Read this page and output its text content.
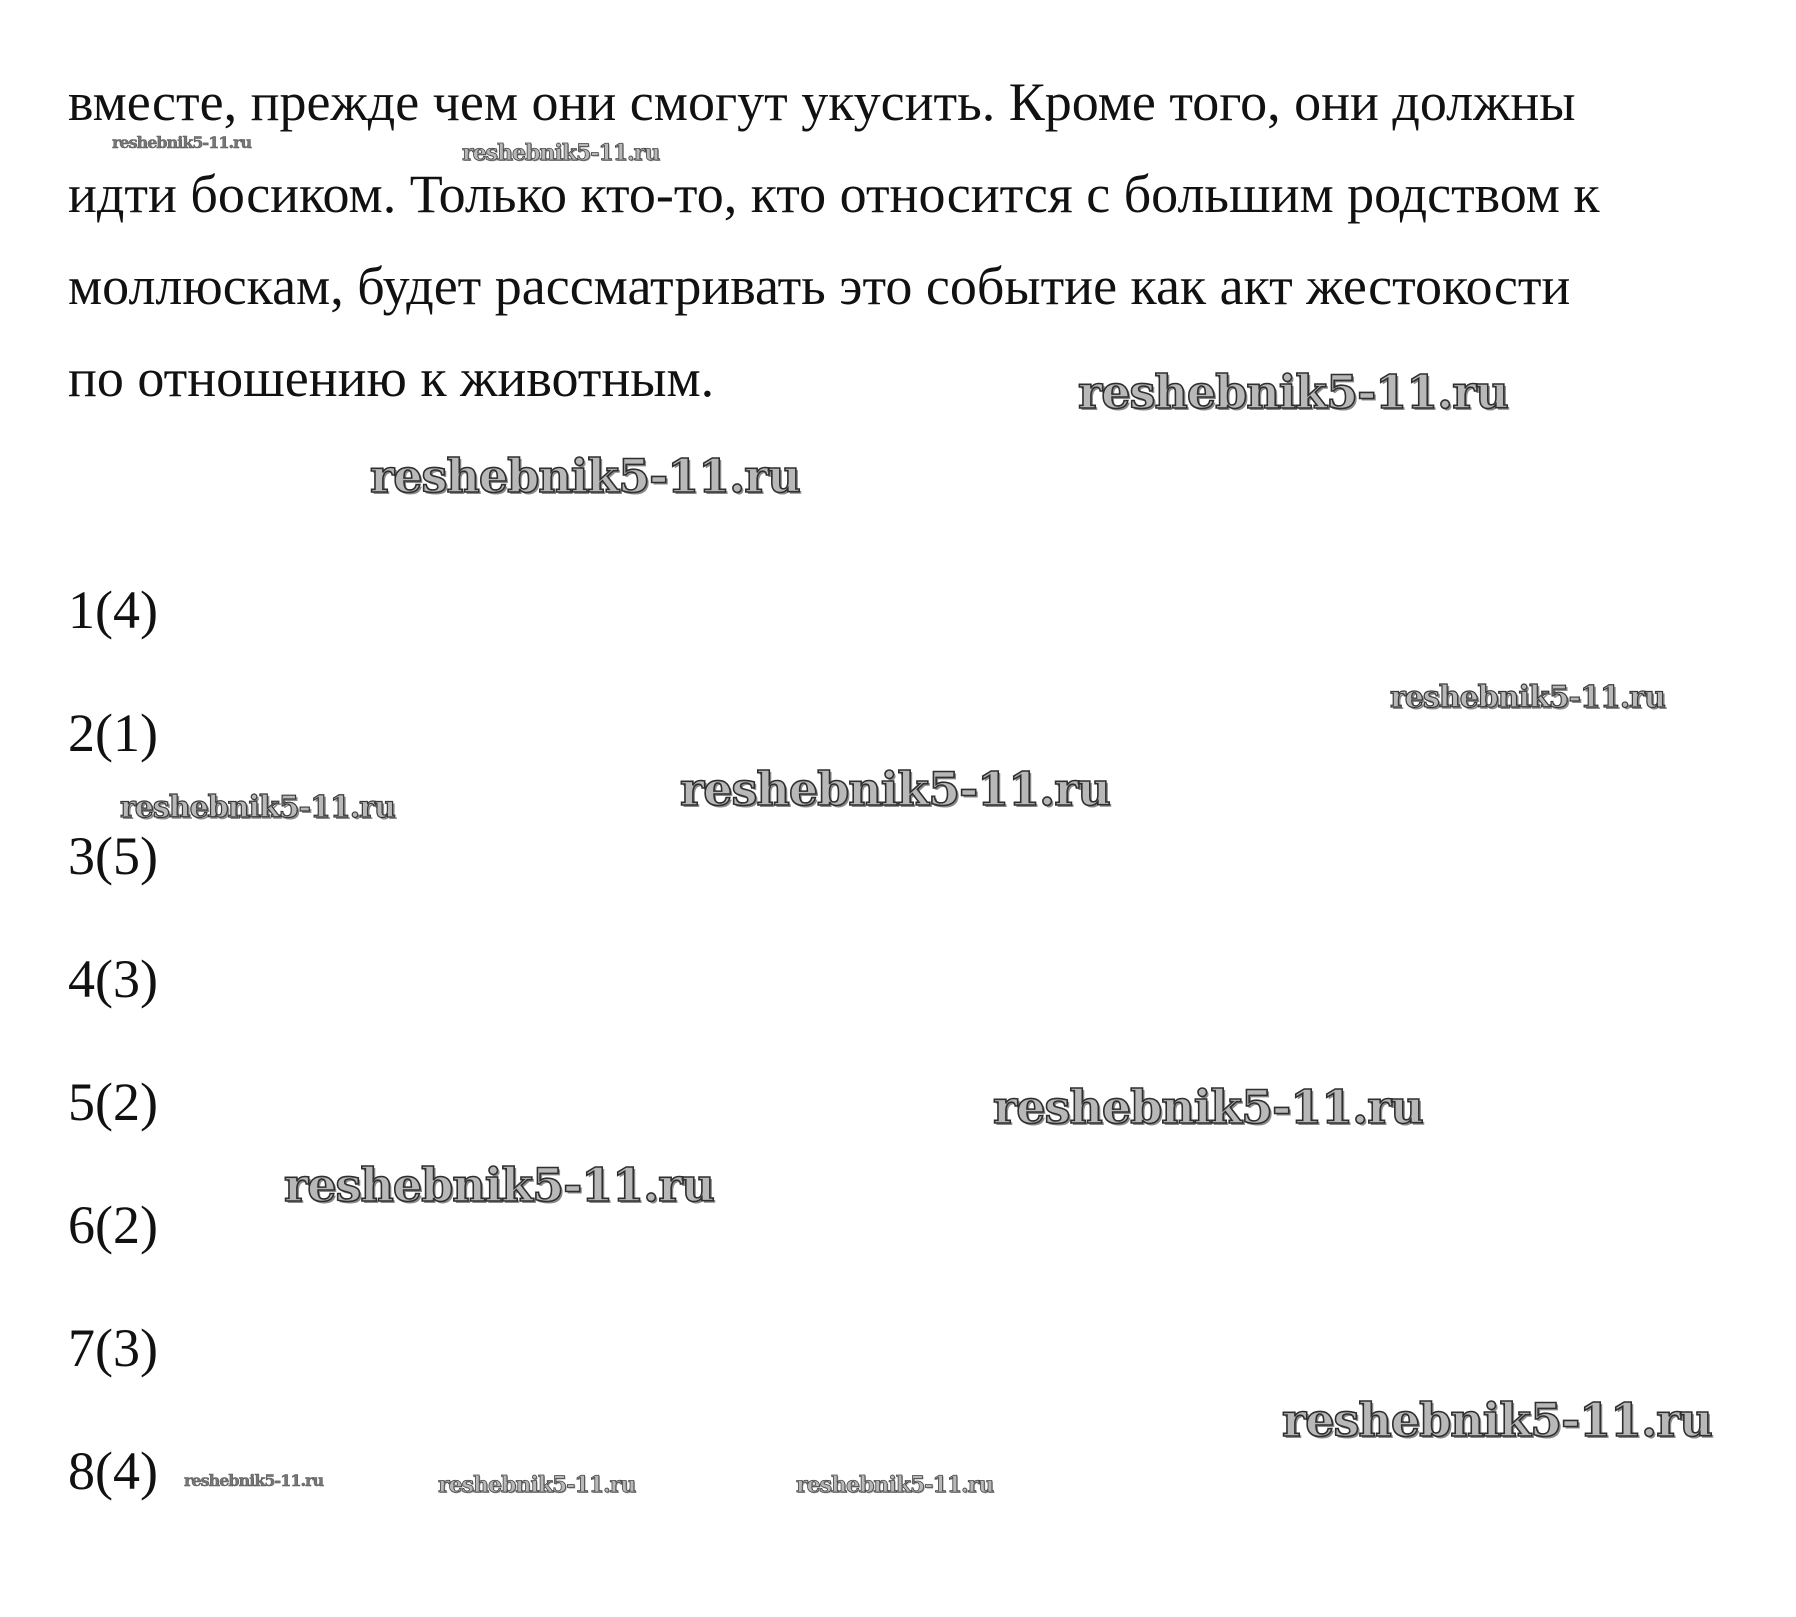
вместе, прежде чем они смогут укусить. Кроме того, они должны
идти босиком. Только кто-то, кто относится с большим родством к
моллюскам, будет рассматривать это событие как акт жестокости
по отношению к животным.

1(4)
2(1)
3(5)
4(3)
5(2)
6(2)
7(3)
8(4)
reshebnik5-11.ru	reshebnik5-11.ru
reshebnik5-11.ru
reshebnik5-11.ru
reshebnik5-11.ru
reshebnik5-11.ru
reshebnik5-11.ru
reshebnik5-11.ru
reshebnik5-11.ru
reshebnik5-11.ru
reshebnik5-11.ru	reshebnik5-11.ru	reshebnik5-11.ru
